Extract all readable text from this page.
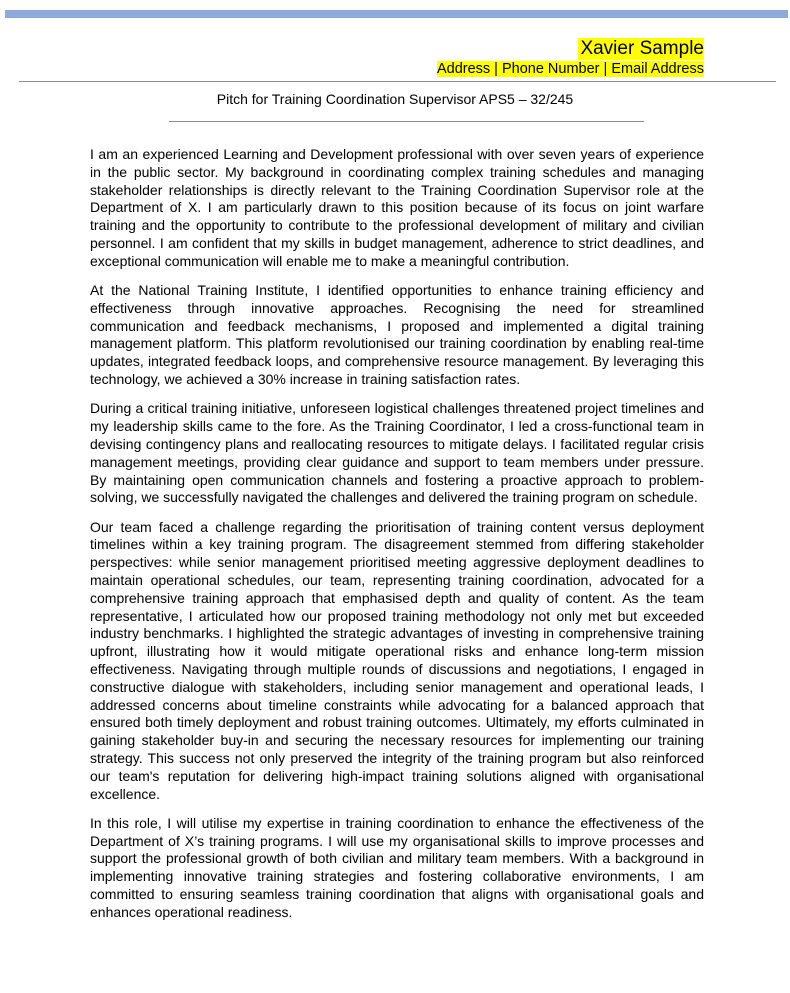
Xavier Sample
Address | Phone Number | Email Address
Pitch for Training Coordination Supervisor APS5 – 32/245

I am an experienced Learning and Development professional with over seven years of experience in the public sector. My background in coordinating complex training schedules and managing stakeholder relationships is directly relevant to the Training Coordination Supervisor role at the Department of X. I am particularly drawn to this position because of its focus on joint warfare training and the opportunity to contribute to the professional development of military and civilian personnel. I am confident that my skills in budget management, adherence to strict deadlines, and exceptional communication will enable me to make a meaningful contribution.

At the National Training Institute, I identified opportunities to enhance training efficiency and effectiveness through innovative approaches. Recognising the need for streamlined communication and feedback mechanisms, I proposed and implemented a digital training management platform. This platform revolutionised our training coordination by enabling real-time updates, integrated feedback loops, and comprehensive resource management. By leveraging this technology, we achieved a 30% increase in training satisfaction rates.

During a critical training initiative, unforeseen logistical challenges threatened project timelines and my leadership skills came to the fore. As the Training Coordinator, I led a cross-functional team in devising contingency plans and reallocating resources to mitigate delays. I facilitated regular crisis management meetings, providing clear guidance and support to team members under pressure. By maintaining open communication channels and fostering a proactive approach to problem-solving, we successfully navigated the challenges and delivered the training program on schedule.

Our team faced a challenge regarding the prioritisation of training content versus deployment timelines within a key training program. The disagreement stemmed from differing stakeholder perspectives: while senior management prioritised meeting aggressive deployment deadlines to maintain operational schedules, our team, representing training coordination, advocated for a comprehensive training approach that emphasised depth and quality of content. As the team representative, I articulated how our proposed training methodology not only met but exceeded industry benchmarks. I highlighted the strategic advantages of investing in comprehensive training upfront, illustrating how it would mitigate operational risks and enhance long-term mission effectiveness. Navigating through multiple rounds of discussions and negotiations, I engaged in constructive dialogue with stakeholders, including senior management and operational leads, I addressed concerns about timeline constraints while advocating for a balanced approach that ensured both timely deployment and robust training outcomes. Ultimately, my efforts culminated in gaining stakeholder buy-in and securing the necessary resources for implementing our training strategy. This success not only preserved the integrity of the training program but also reinforced our team's reputation for delivering high-impact training solutions aligned with organisational excellence.

In this role, I will utilise my expertise in training coordination to enhance the effectiveness of the Department of X’s training programs. I will use my organisational skills to improve processes and support the professional growth of both civilian and military team members. With a background in implementing innovative training strategies and fostering collaborative environments, I am committed to ensuring seamless training coordination that aligns with organisational goals and enhances operational readiness.
